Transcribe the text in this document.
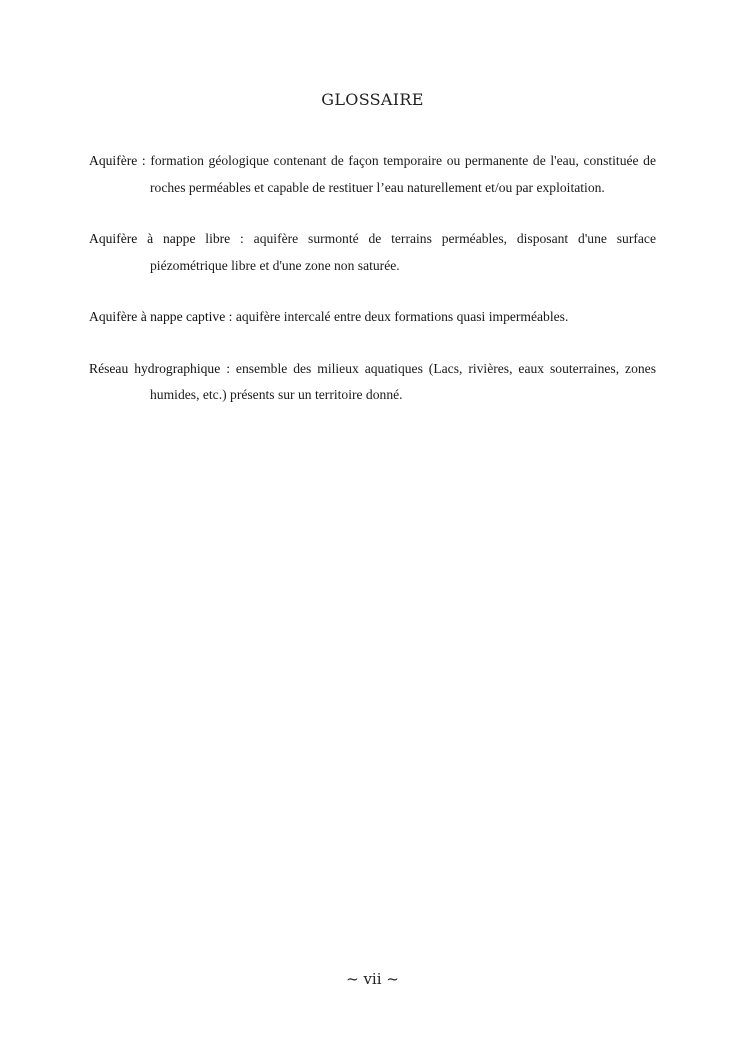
GLOSSAIRE

Aquifère : formation géologique contenant de façon temporaire ou permanente de l'eau, constituée de roches perméables et capable de restituer l’eau naturellement et/ou par exploitation.

Aquifère à nappe libre : aquifère surmonté de terrains perméables, disposant d'une surface piézométrique libre et d'une zone non saturée.

Aquifère à nappe captive : aquifère intercalé entre deux formations quasi imperméables.

Réseau hydrographique : ensemble des milieux aquatiques (Lacs, rivières, eaux souterraines, zones humides, etc.) présents sur un territoire donné.

~ vii ~
